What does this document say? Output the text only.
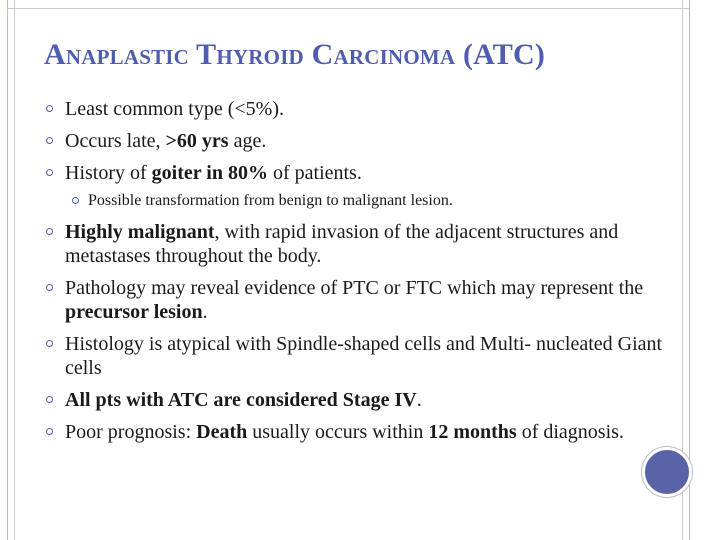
Anaplastic Thyroid Carcinoma (ATC)
Least common type (<5%).
Occurs late, >60 yrs age.
History of goiter in 80% of patients.
Possible transformation from benign to malignant lesion.
Highly malignant, with rapid invasion of the adjacent structures and metastases throughout the body.
Pathology may reveal evidence of PTC or FTC which may represent the precursor lesion.
Histology is atypical with Spindle-shaped cells and Multi- nucleated Giant cells
All pts with ATC are considered Stage IV.
Poor prognosis: Death usually occurs within 12 months of diagnosis.
